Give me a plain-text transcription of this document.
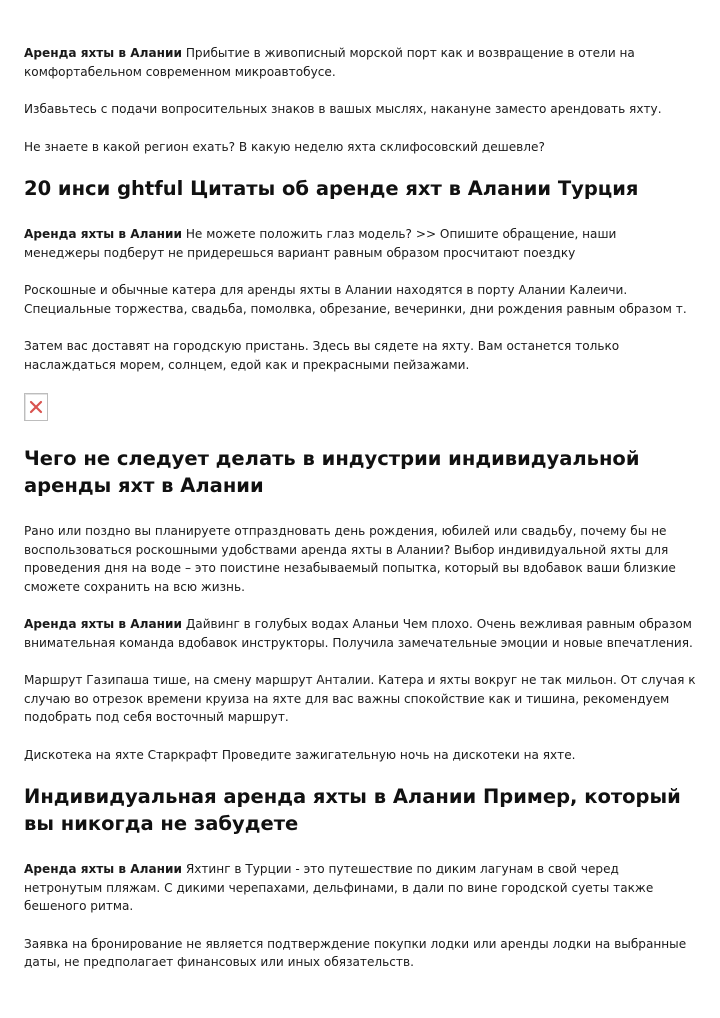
Аренда яхты в Алании Прибытие в живописный морской порт как и возвращение в отели на комфортабельном современном микроавтобусе.

Избавьтесь с подачи вопросительных знаков в вашых мыслях, накануне заместо арендовать яхту.

Не знаете в какой регион ехать? В какую неделю яхта склифосовский дешевле?

20 инси ghtful Цитаты об аренде яхт в Алании Турция

Аренда яхты в Алании Не можете положить глаз модель? >> Опишите обращение, наши менеджеры подберут не придерешься вариант равным образом просчитают поездку

Роскошные и обычные катера для аренды яхты в Алании находятся в порту Алании Калеичи. Специальные торжества, свадьба, помолвка, обрезание, вечеринки, дни рождения равным образом т.

Затем вас доставят на городскую пристань. Здесь вы сядете на яхту. Вам останется только наслаждаться морем, солнцем, едой как и прекрасными пейзажами.

Чего не следует делать в индустрии индивидуальной аренды яхт в Алании

Рано или поздно вы планируете отпраздновать день рождения, юбилей или свадьбу, почему бы не воспользоваться роскошными удобствами аренда яхты в Алании? Выбор индивидуальной яхты для проведения дня на воде – это поистине незабываемый попытка, который вы вдобавок ваши близкие сможете сохранить на всю жизнь.

Аренда яхты в Алании Дайвинг в голубых водах Аланьи Чем плохо. Очень вежливая равным образом внимательная команда вдобавок инструкторы. Получила замечательные эмоции и новые впечатления.

Маршрут Газипаша тише, на смену маршрут Анталии. Катера и яхты вокруг не так мильон. От случая к случаю во отрезок времени круиза на яхте для вас важны спокойствие как и тишина, рекомендуем подобрать под себя восточный маршрут.

Дискотека на яхте Старкрафт Проведите зажигательную ночь на дискотеки на яхте.

Индивидуальная аренда яхты в Алании Пример, который вы никогда не забудете

Аренда яхты в Алании Яхтинг в Турции - это путешествие по диким лагунам в свой черед нетронутым пляжам. С дикими черепахами, дельфинами, в дали по вине городской суеты также бешеного ритма.

Заявка на бронирование не является подтверждение покупки лодки или аренды лодки на выбранные даты, не предполагает финансовых или иных обязательств.
